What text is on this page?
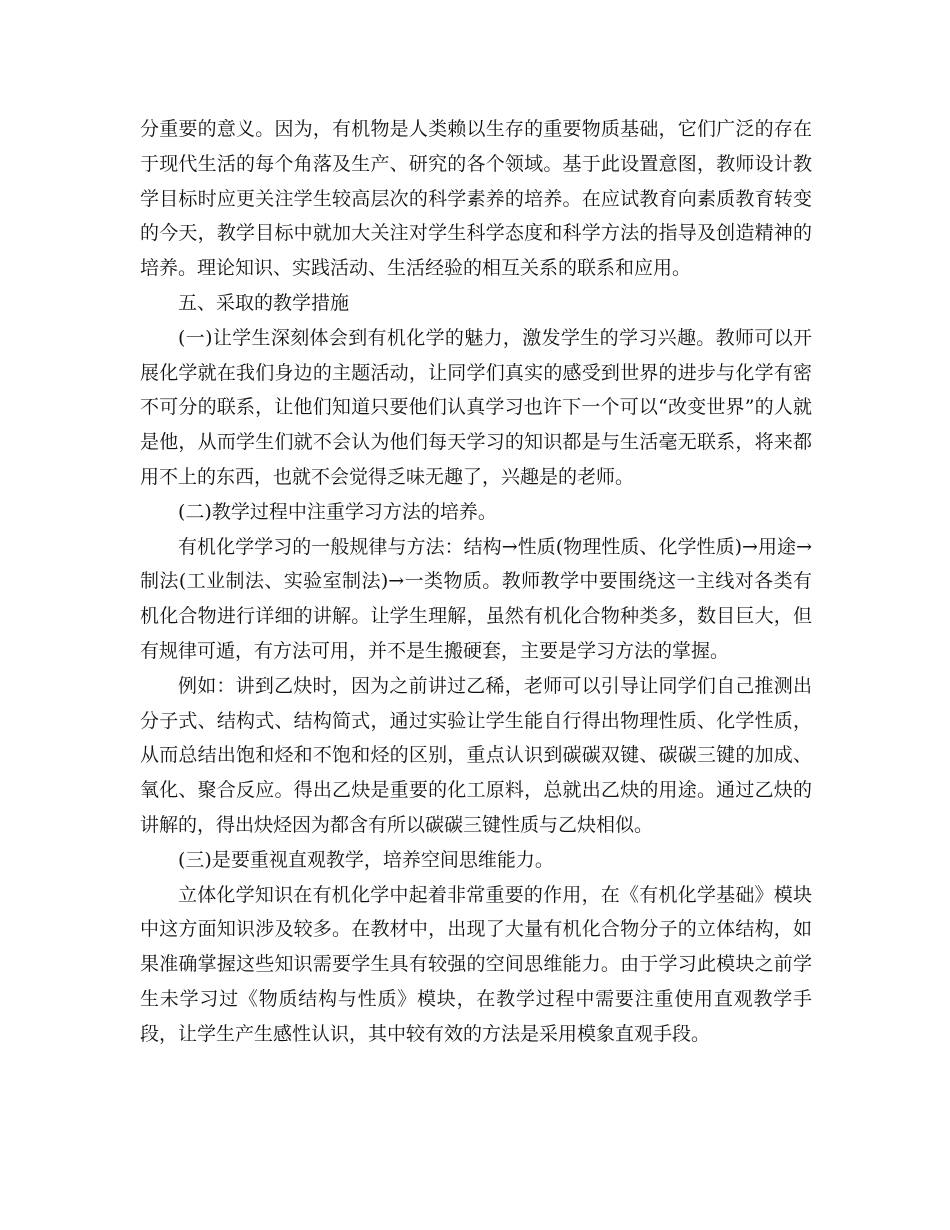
分重要的意义。因为，有机物是人类赖以生存的重要物质基础，它们广泛的存在于现代生活的每个角落及生产、研究的各个领域。基于此设置意图，教师设计教学目标时应更关注学生较高层次的科学素养的培养。在应试教育向素质教育转变的今天，教学目标中就加大关注对学生科学态度和科学方法的指导及创造精神的培养。理论知识、实践活动、生活经验的相互关系的联系和应用。

五、采取的教学措施

(一)让学生深刻体会到有机化学的魅力，激发学生的学习兴趣。教师可以开展化学就在我们身边的主题活动，让同学们真实的感受到世界的进步与化学有密不可分的联系，让他们知道只要他们认真学习也许下一个可以“改变世界”的人就是他，从而学生们就不会认为他们每天学习的知识都是与生活毫无联系，将来都用不上的东西，也就不会觉得乏味无趣了，兴趣是的老师。

(二)教学过程中注重学习方法的培养。

有机化学学习的一般规律与方法：结构→性质(物理性质、化学性质)→用途→制法(工业制法、实验室制法)→一类物质。教师教学中要围绕这一主线对各类有机化合物进行详细的讲解。让学生理解，虽然有机化合物种类多，数目巨大，但有规律可遁，有方法可用，并不是生搬硬套，主要是学习方法的掌握。

例如：讲到乙炔时，因为之前讲过乙稀，老师可以引导让同学们自己推测出分子式、结构式、结构简式，通过实验让学生能自行得出物理性质、化学性质，从而总结出饱和烃和不饱和烃的区别，重点认识到碳碳双键、碳碳三键的加成、氧化、聚合反应。得出乙炔是重要的化工原料，总就出乙炔的用途。通过乙炔的讲解的，得出炔烃因为都含有所以碳碳三键性质与乙炔相似。

(三)是要重视直观教学，培养空间思维能力。

立体化学知识在有机化学中起着非常重要的作用，在《有机化学基础》模块中这方面知识涉及较多。在教材中，出现了大量有机化合物分子的立体结构，如果准确掌握这些知识需要学生具有较强的空间思维能力。由于学习此模块之前学生未学习过《物质结构与性质》模块，在教学过程中需要注重使用直观教学手段，让学生产生感性认识，其中较有效的方法是采用模象直观手段。
